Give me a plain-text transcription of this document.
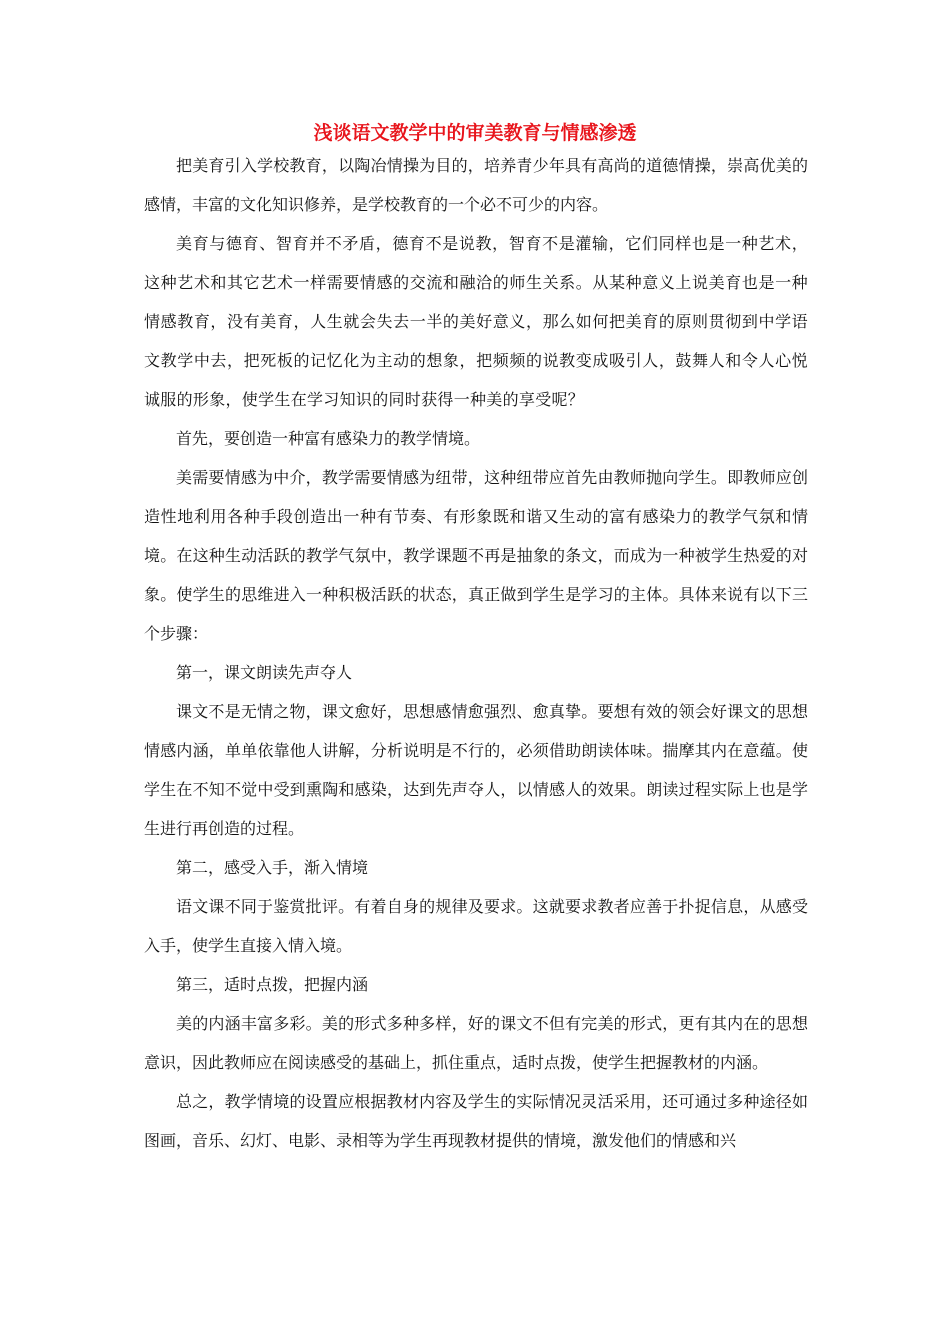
浅谈语文教学中的审美教育与情感渗透

把美育引入学校教育，以陶冶情操为目的，培养青少年具有高尚的道德情操，崇高优美的感情，丰富的文化知识修养，是学校教育的一个必不可少的内容。

美育与德育、智育并不矛盾，德育不是说教，智育不是灌输，它们同样也是一种艺术，这种艺术和其它艺术一样需要情感的交流和融洽的师生关系。从某种意义上说美育也是一种情感教育，没有美育，人生就会失去一半的美好意义，那么如何把美育的原则贯彻到中学语文教学中去，把死板的记忆化为主动的想象，把频频的说教变成吸引人，鼓舞人和令人心悦诚服的形象，使学生在学习知识的同时获得一种美的享受呢？

首先，要创造一种富有感染力的教学情境。

美需要情感为中介，教学需要情感为纽带，这种纽带应首先由教师抛向学生。即教师应创造性地利用各种手段创造出一种有节奏、有形象既和谐又生动的富有感染力的教学气氛和情境。在这种生动活跃的教学气氛中，教学课题不再是抽象的条文，而成为一种被学生热爱的对象。使学生的思维进入一种积极活跃的状态，真正做到学生是学习的主体。具体来说有以下三个步骤：

第一，课文朗读先声夺人

课文不是无情之物，课文愈好，思想感情愈强烈、愈真挚。要想有效的领会好课文的思想情感内涵，单单依靠他人讲解，分析说明是不行的，必须借助朗读体味。揣摩其内在意蕴。使学生在不知不觉中受到熏陶和感染，达到先声夺人，以情感人的效果。朗读过程实际上也是学生进行再创造的过程。

第二，感受入手，渐入情境

语文课不同于鉴赏批评。有着自身的规律及要求。这就要求教者应善于扑捉信息，从感受入手，使学生直接入情入境。

第三，适时点拨，把握内涵

美的内涵丰富多彩。美的形式多种多样，好的课文不但有完美的形式，更有其内在的思想意识，因此教师应在阅读感受的基础上，抓住重点，适时点拨，使学生把握教材的内涵。

总之，教学情境的设置应根据教材内容及学生的实际情况灵活采用，还可通过多种途径如图画，音乐、幻灯、电影、录相等为学生再现教材提供的情境，激发他们的情感和兴
